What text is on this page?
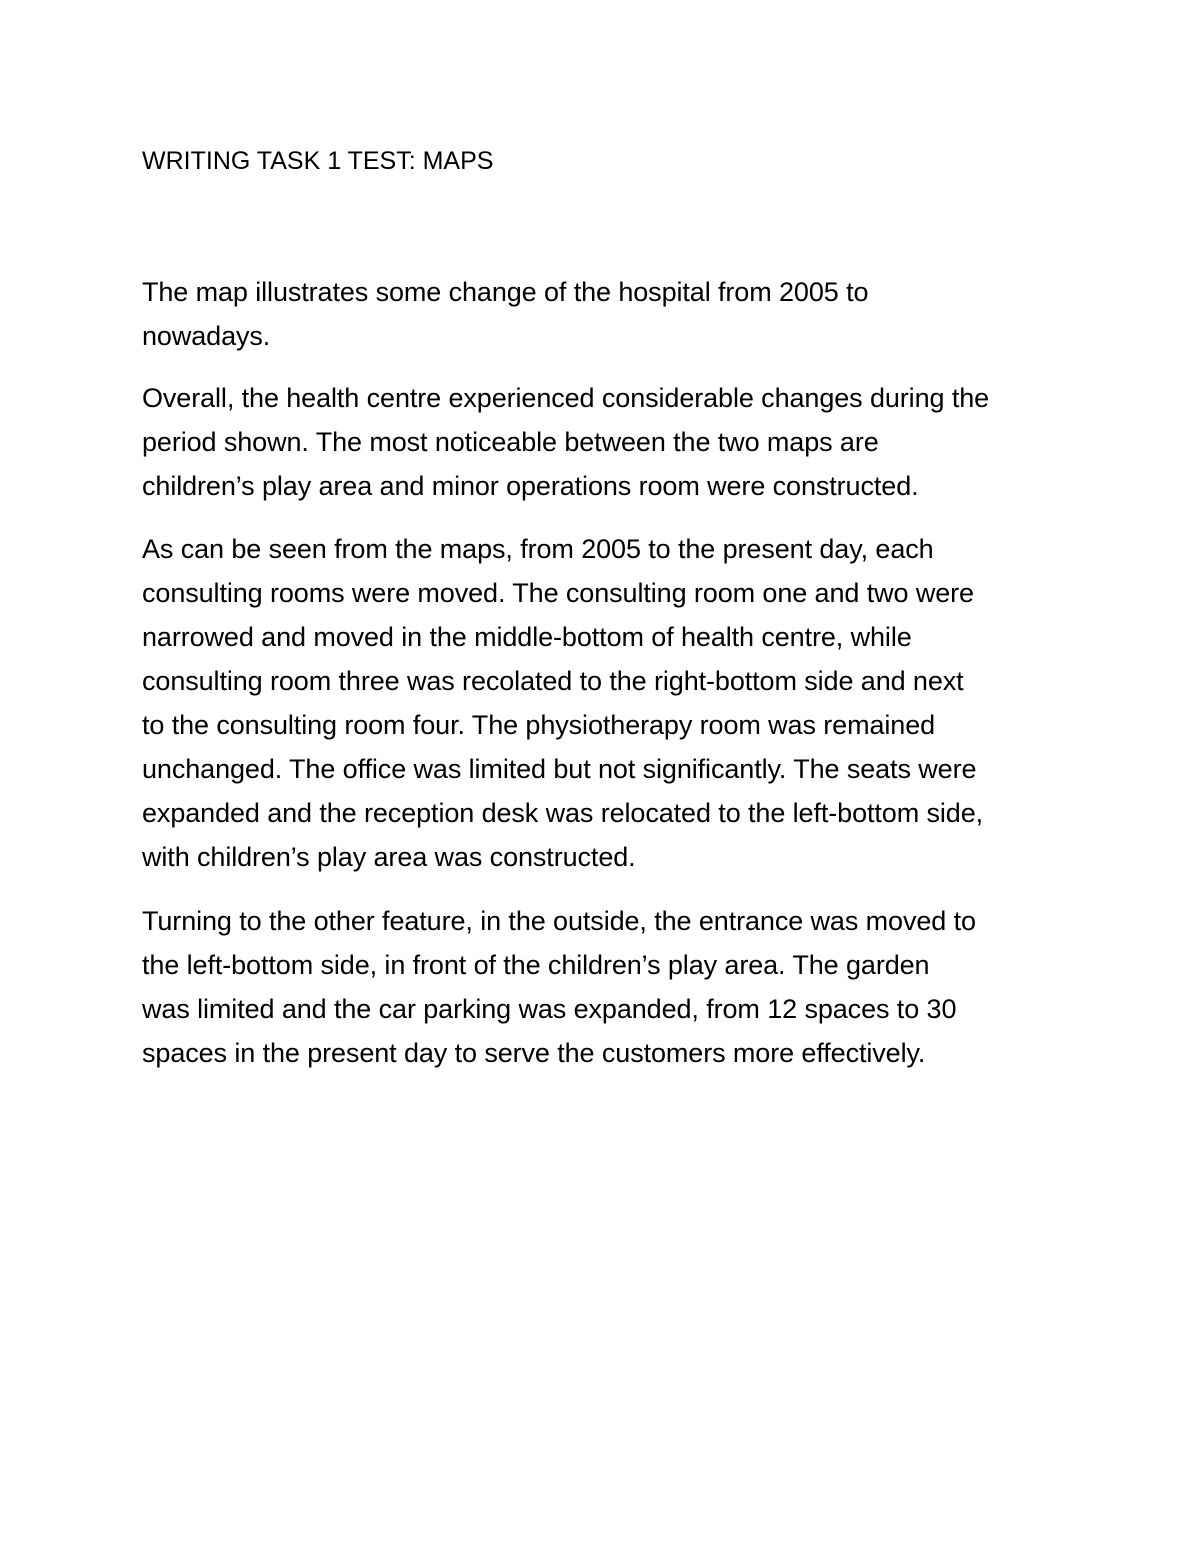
WRITING TASK 1 TEST: MAPS
The map illustrates some change of the hospital from 2005 to
nowadays.
Overall, the health centre experienced considerable changes during the
period shown. The most noticeable between the two maps are
children’s play area and minor operations room were constructed.
As can be seen from the maps, from 2005 to the present day, each
consulting rooms were moved. The consulting room one and two were
narrowed and moved in the middle-bottom of health centre, while
consulting room three was recolated to the right-bottom side and next
to the consulting room four. The physiotherapy room was remained
unchanged. The office was limited but not significantly. The seats were
expanded and the reception desk was relocated to the left-bottom side,
with children’s play area was constructed.
Turning to the other feature, in the outside, the entrance was moved to
the left-bottom side, in front of the children’s play area. The garden
was limited and the car parking was expanded, from 12 spaces to 30
spaces in the present day to serve the customers more effectively.
